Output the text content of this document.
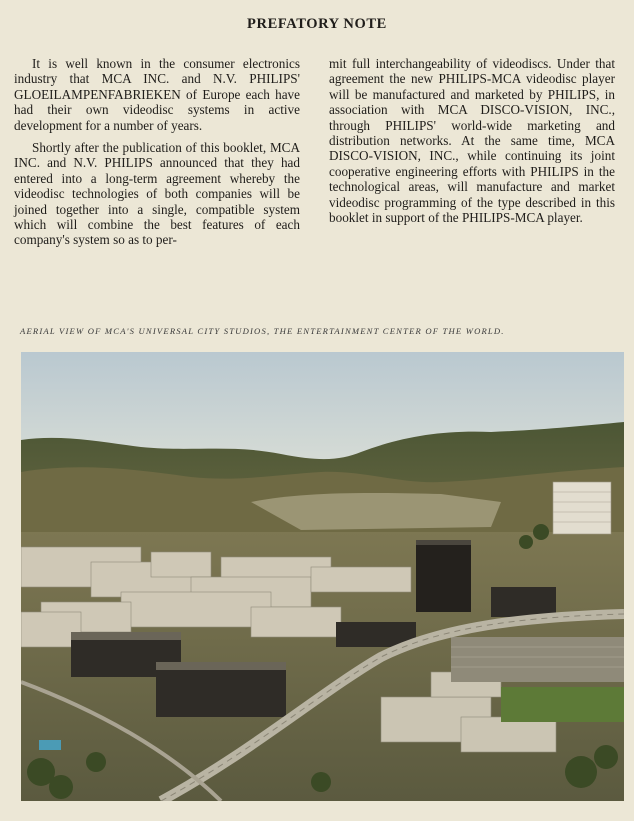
PREFATORY NOTE

It is well known in the consumer electronics industry that MCA INC. and N.V. PHILIPS' GLOEILAMPENFABRIEKEN of Europe each have had their own videodisc systems in active development for a number of years.

Shortly after the publication of this booklet, MCA INC. and N.V. PHILIPS announced that they had entered into a long-term agreement whereby the videodisc technologies of both companies will be joined together into a single, compatible system which will combine the best features of each company's system so as to per-

mit full interchangeability of videodiscs. Under that agreement the new PHILIPS-MCA videodisc player will be manufactured and marketed by PHILIPS, in association with MCA DISCO-VISION, INC., through PHILIPS' world-wide marketing and distribution networks. At the same time, MCA DISCO-VISION, INC., while continuing its joint cooperative engineering efforts with PHILIPS in the technological areas, will manufacture and market videodisc programming of the type described in this booklet in support of the PHILIPS-MCA player.

AERIAL VIEW OF MCA'S UNIVERSAL CITY STUDIOS, THE ENTERTAINMENT CENTER OF THE WORLD.
